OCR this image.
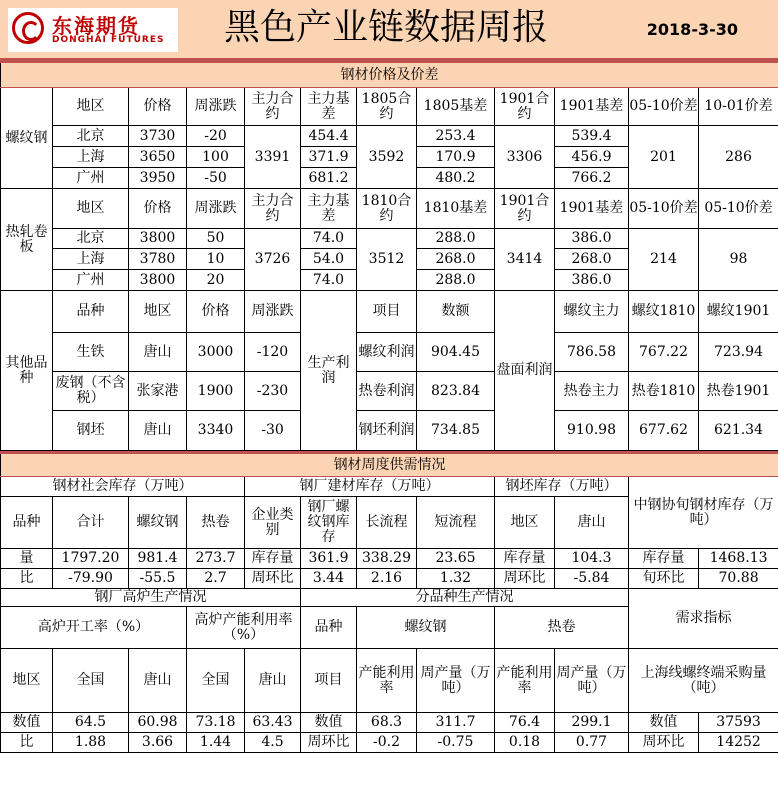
东海期货
DONGHAI FUTURES 黑色产业链数据周报	2018-3-30
钢材价格及价差											
螺纹钢	地区	价格	周涨跌	主力合约	主力基差	1805合约	1805基差	1901合约	1901基差	05-10价差	10-01价差
	北京	3730	-20	3391	454.4	3592	253.4	3306	539.4	201	286
	上海	3650	100		371.9		170.9		456.9		
	广州	3950	-50		681.2		480.2		766.2		
热轧卷板	地区	价格	周涨跌	主力合约	主力基差	1810合约	1810基差	1901合约	1901基差	05-10价差	05-10价差
	北京	3800	50	3726	74.0	3512	288.0	3414	386.0	214	98
	上海	3780	10		54.0		268.0		268.0		
	广州	3800	20		74.0		288.0		386.0		
其他品种	品种	地区	价格	周涨跌	生产利润	项目	数额	盘面利润	螺纹主力	螺纹1810	螺纹1901
	生铁	唐山	3000	-120		螺纹利润	904.45		786.58	767.22	723.94
	废钢（不含税）	张家港	1900	-230		热卷利润	823.84		热卷主力	热卷1810	热卷1901
	钢坯	唐山	3340	-30		钢坯利润	734.85		910.98	677.62	621.34
钢材周度供需情况											
钢材社会库存（万吨）				钢厂建材库存（万吨）				钢坯库存（万吨）		中钢协旬钢材库存（万吨）	
品种	合计	螺纹钢	热卷	企业类别	钢厂螺纹钢库存	长流程	短流程	地区	唐山		
量	1797.20	981.4	273.7	库存量	361.9	338.29	23.65	库存量	104.3	库存量	1468.13
比	-79.90	-55.5	2.7	周环比	3.44	2.16	1.32	周环比	-5.84	旬环比	70.88
钢厂高炉生产情况					分品种生产情况					需求指标	
高炉开工率（%）			高炉产能利用率（%）		品种	螺纹钢		热卷			
地区	全国	唐山	全国	唐山	项目	产能利用率	周产量（万吨）	产能利用率	周产量（万吨）	上海线螺终端采购量（吨）	
数值	64.5	60.98	73.18	63.43	数值	68.3	311.7	76.4	299.1	数值	37593
比	1.88	3.66	1.44	4.5	周环比	-0.2	-0.75	0.18	0.77	周环比	14252
